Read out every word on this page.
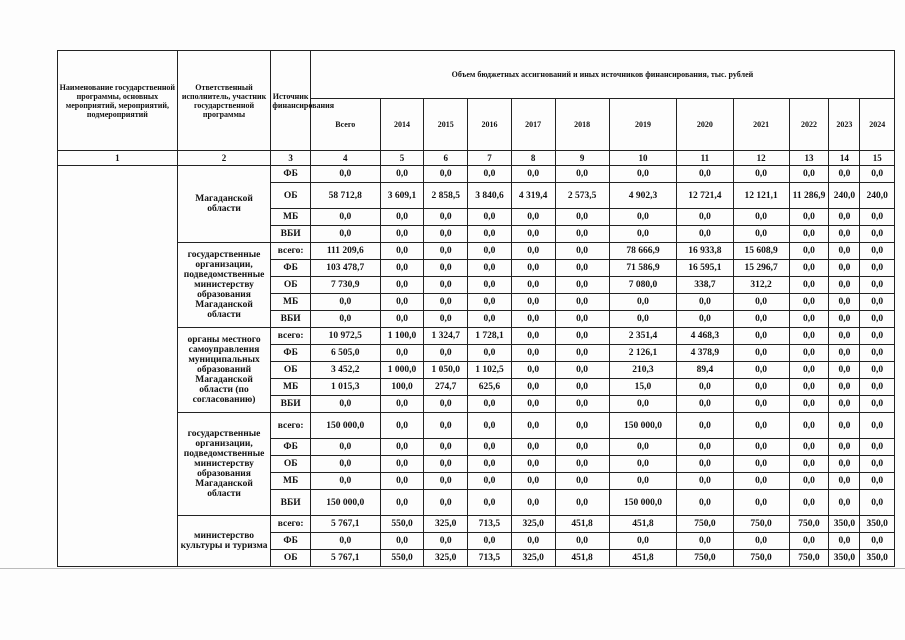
Наименование государственной программы, основных мероприятий, мероприятий, подмероприятий	Ответственный исполнитель, участник государственной программы	Источник финансирования	Объем бюджетных ассигнований и иных источников финансирования, тыс. рублей											
			Всего	2014	2015	2016	2017	2018	2019	2020	2021	2022	2023	2024
1	2	3	4	5	6	7	8	9	10	11	12	13	14	15
	Магаданской области	ФБ	0,0	0,0	0,0	0,0	0,0	0,0	0,0	0,0	0,0	0,0	0,0	0,0
		ОБ	58 712,8	3 609,1	2 858,5	3 840,6	4 319,4	2 573,5	4 902,3	12 721,4	12 121,1	11 286,9	240,0	240,0
		МБ	0,0	0,0	0,0	0,0	0,0	0,0	0,0	0,0	0,0	0,0	0,0	0,0
		ВБИ	0,0	0,0	0,0	0,0	0,0	0,0	0,0	0,0	0,0	0,0	0,0	0,0
	государственные организации, подведомственные министерству образования Магаданской области	всего:	111 209,6	0,0	0,0	0,0	0,0	0,0	78 666,9	16 933,8	15 608,9	0,0	0,0	0,0
		ФБ	103 478,7	0,0	0,0	0,0	0,0	0,0	71 586,9	16 595,1	15 296,7	0,0	0,0	0,0
		ОБ	7 730,9	0,0	0,0	0,0	0,0	0,0	7 080,0	338,7	312,2	0,0	0,0	0,0
		МБ	0,0	0,0	0,0	0,0	0,0	0,0	0,0	0,0	0,0	0,0	0,0	0,0
		ВБИ	0,0	0,0	0,0	0,0	0,0	0,0	0,0	0,0	0,0	0,0	0,0	0,0
	органы местного самоуправления муниципальных образований Магаданской области (по согласованию)	всего:	10 972,5	1 100,0	1 324,7	1 728,1	0,0	0,0	2 351,4	4 468,3	0,0	0,0	0,0	0,0
		ФБ	6 505,0	0,0	0,0	0,0	0,0	0,0	2 126,1	4 378,9	0,0	0,0	0,0	0,0
		ОБ	3 452,2	1 000,0	1 050,0	1 102,5	0,0	0,0	210,3	89,4	0,0	0,0	0,0	0,0
		МБ	1 015,3	100,0	274,7	625,6	0,0	0,0	15,0	0,0	0,0	0,0	0,0	0,0
		ВБИ	0,0	0,0	0,0	0,0	0,0	0,0	0,0	0,0	0,0	0,0	0,0	0,0
	государственные организации, подведомственные министерству образования Магаданской области	всего:	150 000,0	0,0	0,0	0,0	0,0	0,0	150 000,0	0,0	0,0	0,0	0,0	0,0
		ФБ	0,0	0,0	0,0	0,0	0,0	0,0	0,0	0,0	0,0	0,0	0,0	0,0
		ОБ	0,0	0,0	0,0	0,0	0,0	0,0	0,0	0,0	0,0	0,0	0,0	0,0
		МБ	0,0	0,0	0,0	0,0	0,0	0,0	0,0	0,0	0,0	0,0	0,0	0,0
		ВБИ	150 000,0	0,0	0,0	0,0	0,0	0,0	150 000,0	0,0	0,0	0,0	0,0	0,0
	министерство культуры и туризма	всего:	5 767,1	550,0	325,0	713,5	325,0	451,8	451,8	750,0	750,0	750,0	350,0	350,0
		ФБ	0,0	0,0	0,0	0,0	0,0	0,0	0,0	0,0	0,0	0,0	0,0	0,0
		ОБ	5 767,1	550,0	325,0	713,5	325,0	451,8	451,8	750,0	750,0	750,0	350,0	350,0
